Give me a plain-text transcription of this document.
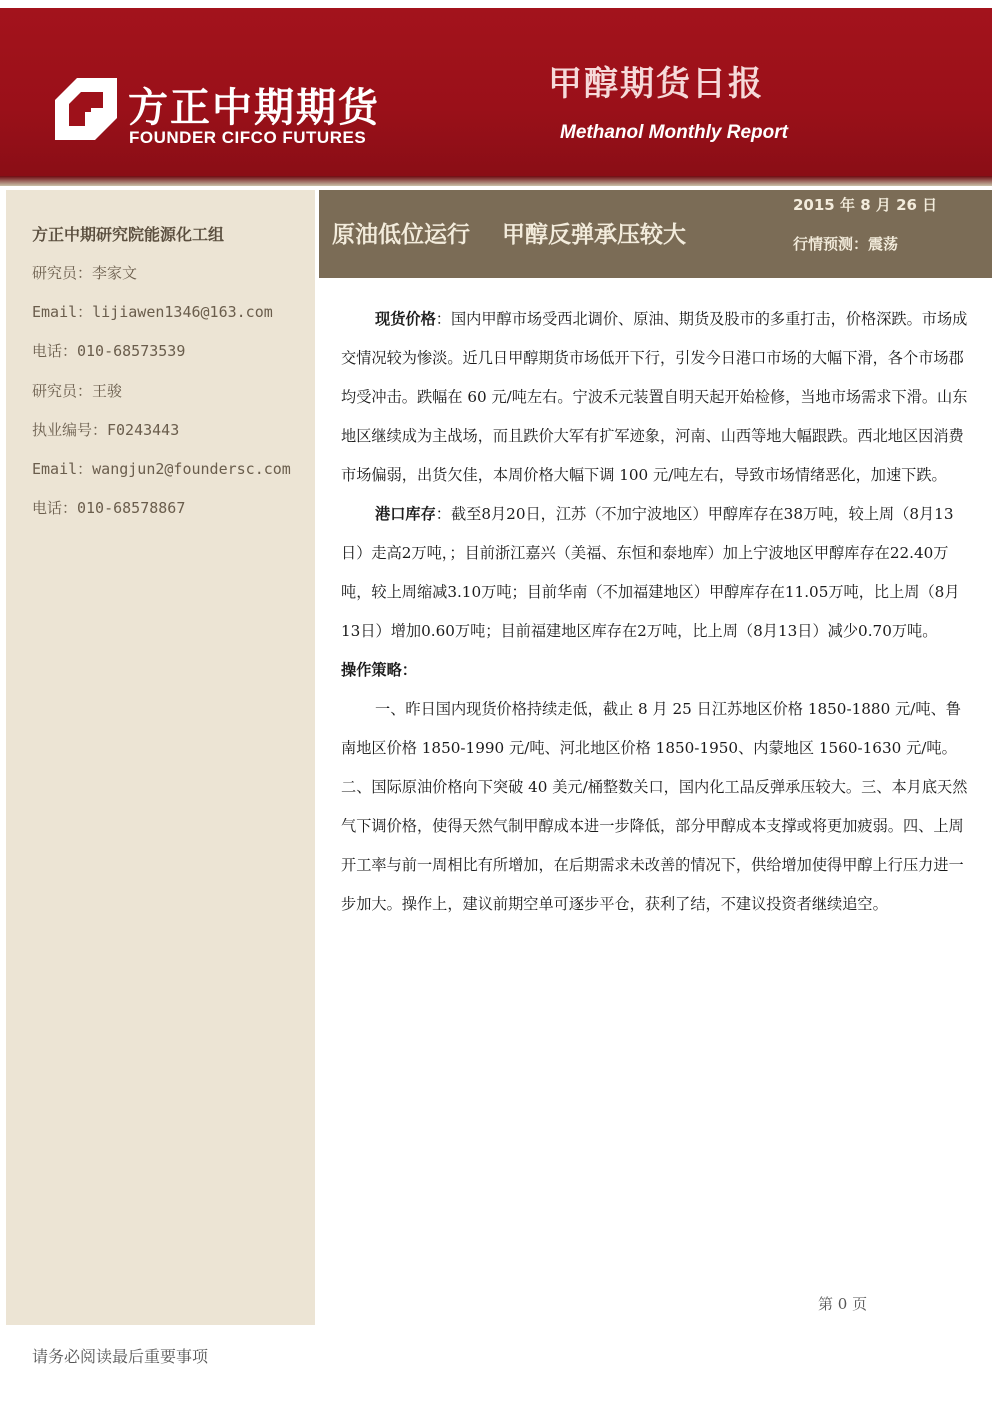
方正中期期货
FOUNDER CIFCO FUTURES
甲醇期货日报
Methanol Monthly Report
方正中期研究院能源化工组
研究员：李家文
Email：lijiawen1346@163.com
电话：010-68573539
研究员：王骏
执业编号：F0243443
Email：wangjun2@foundersc.com
电话：010-68578867
原油低位运行    甲醇反弹承压较大
2015 年 8 月 26 日
行情预测：震荡

现货价格：国内甲醇市场受西北调价、原油、期货及股市的多重打击，价格深跌。市场成交情况较为惨淡。近几日甲醇期货市场低开下行，引发今日港口市场的大幅下滑，各个市场郡均受冲击。跌幅在 60 元/吨左右。宁波禾元装置自明天起开始检修，当地市场需求下滑。山东地区继续成为主战场，而且跌价大军有扩军迹象，河南、山西等地大幅跟跌。西北地区因消费市场偏弱，出货欠佳，本周价格大幅下调 100 元/吨左右，导致市场情绪恶化，加速下跌。

港口库存：截至8月20日，江苏（不加宁波地区）甲醇库存在38万吨，较上周（8月13日）走高2万吨，；目前浙江嘉兴（美福、东恒和泰地库）加上宁波地区甲醇库存在22.40万吨，较上周缩减3.10万吨；目前华南（不加福建地区）甲醇库存在11.05万吨，比上周（8月13日）增加0.60万吨；目前福建地区库存在2万吨，比上周（8月13日）减少0.70万吨。

操作策略：

一、昨日国内现货价格持续走低，截止 8 月 25 日江苏地区价格 1850-1880 元/吨、鲁南地区价格 1850-1990 元/吨、河北地区价格 1850-1950、内蒙地区 1560-1630 元/吨。二、国际原油价格向下突破 40 美元/桶整数关口，国内化工品反弹承压较大。三、本月底天然气下调价格，使得天然气制甲醇成本进一步降低，部分甲醇成本支撑或将更加疲弱。四、上周开工率与前一周相比有所增加，在后期需求未改善的情况下，供给增加使得甲醇上行压力进一步加大。操作上，建议前期空单可逐步平仓，获利了结，不建议投资者继续追空。

第 0 页
请务必阅读最后重要事项
